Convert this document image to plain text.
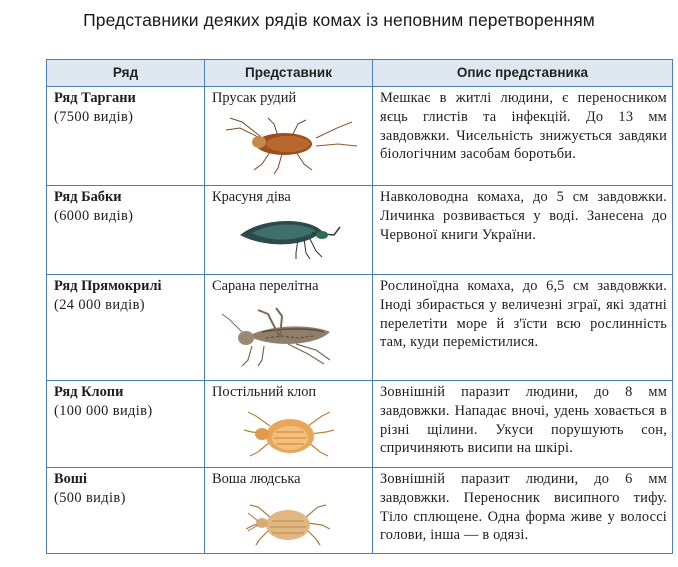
Представники деяких рядів комах із неповним перетворенням
Ряд	Представник	Опис представника

Ряд Таргани
(7500 видів)	Прусак рудий	Мешкає в житлі людини, є переносником яєць глистів та інфекцій. До 13 мм завдовжки. Чисельність знижується завдяки біологічним засобам боротьби.

Ряд Бабки
(6000 видів)	Красуня діва	Навколоводна комаха, до 5 см завдовжки. Личинка розвивається у воді. Занесена до Червоної книги України.

Ряд Прямокрилі
(24 000 видів)	Сарана перелітна	Рослиноїдна комаха, до 6,5 см завдовжки. Іноді збирається у величезні зграї, які здатні перелетіти море й з'їсти всю рослинність там, куди перемістилися.

Ряд Клопи
(100 000 видів)	Постільний клоп	Зовнішній паразит людини, до 8 мм завдовжки. Нападає вночі, удень ховається в різні щілини. Укуси порушують сон, спричиняють висипи на шкірі.

Воші
(500 видів)	Воша людська	Зовнішній паразит людини, до 6 мм завдовжки. Переносник висипного тифу. Тіло сплющене. Одна форма живе у волоссі голови, інша — в одязі.
